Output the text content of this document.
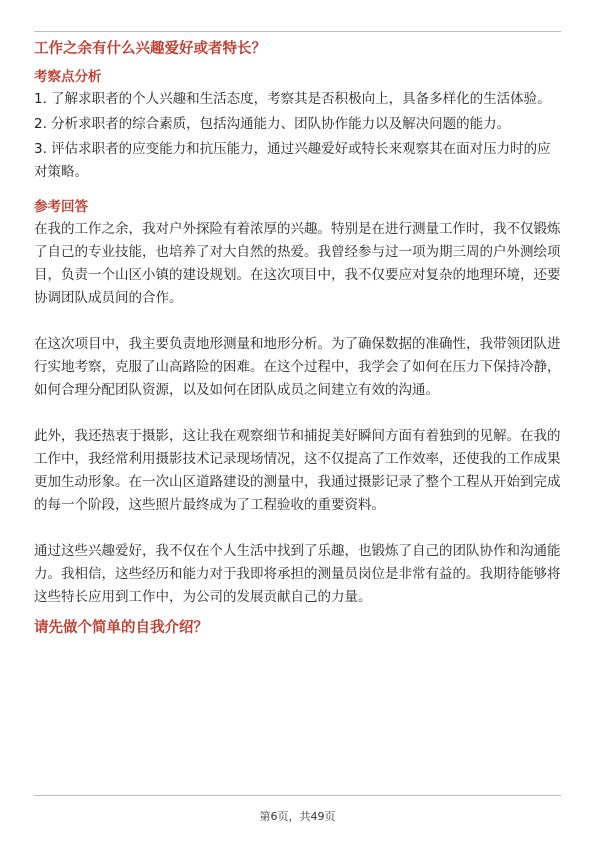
工作之余有什么兴趣爱好或者特长？
考察点分析

1. 了解求职者的个人兴趣和生活态度，考察其是否积极向上，具备多样化的生活体验。

2. 分析求职者的综合素质，包括沟通能力、团队协作能力以及解决问题的能力。

3. 评估求职者的应变能力和抗压能力，通过兴趣爱好或特长来观察其在面对压力时的应对策略。

参考回答

在我的工作之余，我对户外探险有着浓厚的兴趣。特别是在进行测量工作时，我不仅锻炼了自己的专业技能，也培养了对大自然的热爱。我曾经参与过一项为期三周的户外测绘项目，负责一个山区小镇的建设规划。在这次项目中，我不仅要应对复杂的地理环境，还要协调团队成员间的合作。

在这次项目中，我主要负责地形测量和地形分析。为了确保数据的准确性，我带领团队进行实地考察，克服了山高路险的困难。在这个过程中，我学会了如何在压力下保持冷静，如何合理分配团队资源，以及如何在团队成员之间建立有效的沟通。

此外，我还热衷于摄影，这让我在观察细节和捕捉美好瞬间方面有着独到的见解。在我的工作中，我经常利用摄影技术记录现场情况，这不仅提高了工作效率，还使我的工作成果更加生动形象。在一次山区道路建设的测量中，我通过摄影记录了整个工程从开始到完成的每一个阶段，这些照片最终成为了工程验收的重要资料。

通过这些兴趣爱好，我不仅在个人生活中找到了乐趣，也锻炼了自己的团队协作和沟通能力。我相信，这些经历和能力对于我即将承担的测量员岗位是非常有益的。我期待能够将这些特长应用到工作中，为公司的发展贡献自己的力量。

请先做个简单的自我介绍？
第6页，共49页
